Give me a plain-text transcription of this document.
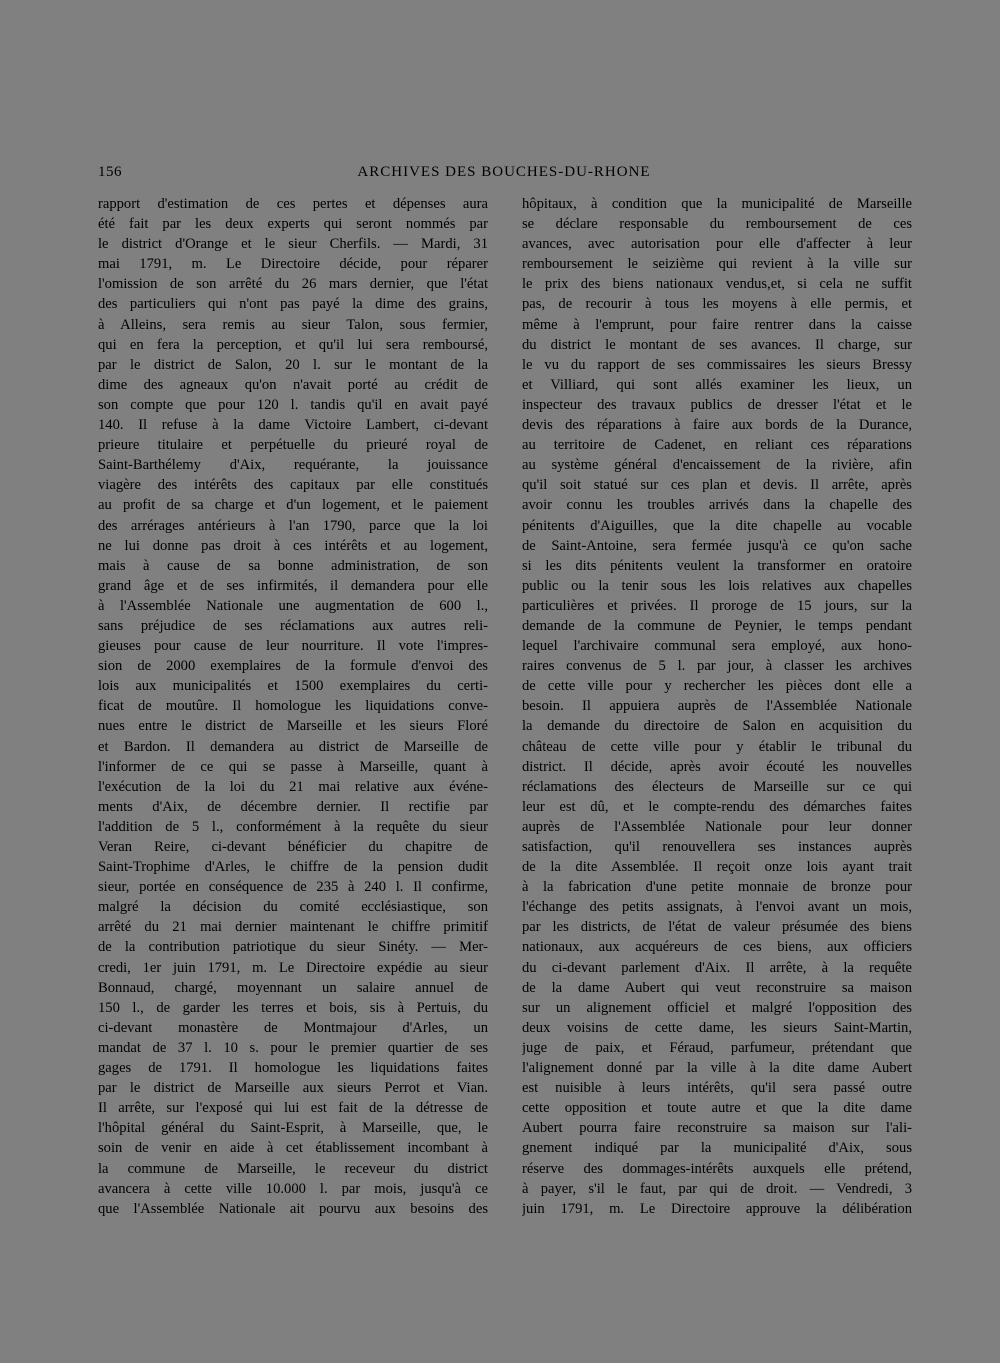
156	ARCHIVES DES BOUCHES-DU-RHONE
rapport d'estimation de ces pertes et dépenses aura
été fait par les deux experts qui seront nommés par
le district d'Orange et le sieur Cherfils. — Mardi, 31
mai 1791, m. Le Directoire décide, pour réparer
l'omission de son arrêté du 26 mars dernier, que l'état
des particuliers qui n'ont pas payé la dime des grains,
à Alleins, sera remis au sieur Talon, sous fermier,
qui en fera la perception, et qu'il lui sera remboursé,
par le district de Salon, 20 l. sur le montant de la
dime des agneaux qu'on n'avait porté au crédit de
son compte que pour 120 l. tandis qu'il en avait payé
140. Il refuse à la dame Victoire Lambert, ci-devant
prieure titulaire et perpétuelle du prieuré royal de
Saint-Barthélemy d'Aix, requérante, la jouissance
viagère des intérêts des capitaux par elle constitués
au profit de sa charge et d'un logement, et le paiement
des arrérages antérieurs à l'an 1790, parce que la loi
ne lui donne pas droit à ces intérêts et au logement,
mais à cause de sa bonne administration, de son
grand âge et de ses infirmités, il demandera pour elle
à l'Assemblée Nationale une augmentation de 600 l.,
sans préjudice de ses réclamations aux autres reli-
gieuses pour cause de leur nourriture. Il vote l'impres-
sion de 2000 exemplaires de la formule d'envoi des
lois aux municipalités et 1500 exemplaires du certi-
ficat de moutûre. Il homologue les liquidations conve-
nues entre le district de Marseille et les sieurs Floré
et Bardon. Il demandera au district de Marseille de
l'informer de ce qui se passe à Marseille, quant à
l'exécution de la loi du 21 mai relative aux événe-
ments d'Aix, de décembre dernier. Il rectifie par
l'addition de 5 l., conformément à la requête du sieur
Veran Reire, ci-devant bénéficier du chapitre de
Saint-Trophime d'Arles, le chiffre de la pension dudit
sieur, portée en conséquence de 235 à 240 l. Il confirme,
malgré la décision du comité ecclésiastique, son
arrêté du 21 mai dernier maintenant le chiffre primitif
de la contribution patriotique du sieur Sinéty. — Mer-
credi, 1er juin 1791, m. Le Directoire expédie au sieur
Bonnaud, chargé, moyennant un salaire annuel de
150 l., de garder les terres et bois, sis à Pertuis, du
ci-devant monastère de Montmajour d'Arles, un
mandat de 37 l. 10 s. pour le premier quartier de ses
gages de 1791. Il homologue les liquidations faites
par le district de Marseille aux sieurs Perrot et Vian.
Il arrête, sur l'exposé qui lui est fait de la détresse de
l'hôpital général du Saint-Esprit, à Marseille, que, le
soin de venir en aide à cet établissement incombant à
la commune de Marseille, le receveur du district
avancera à cette ville 10.000 l. par mois, jusqu'à ce
que l'Assemblée Nationale ait pourvu aux besoins des
hôpitaux, à condition que la municipalité de Marseille
se déclare responsable du remboursement de ces
avances, avec autorisation pour elle d'affecter à leur
remboursement le seizième qui revient à la ville sur
le prix des biens nationaux vendus,et, si cela ne suffit
pas, de recourir à tous les moyens à elle permis, et
même à l'emprunt, pour faire rentrer dans la caisse
du district le montant de ses avances. Il charge, sur
le vu du rapport de ses commissaires les sieurs Bressy
et Villiard, qui sont allés examiner les lieux, un
inspecteur des travaux publics de dresser l'état et le
devis des réparations à faire aux bords de la Durance,
au territoire de Cadenet, en reliant ces réparations
au système général d'encaissement de la rivière, afin
qu'il soit statué sur ces plan et devis. Il arrête, après
avoir connu les troubles arrivés dans la chapelle des
pénitents d'Aiguilles, que la dite chapelle au vocable
de Saint-Antoine, sera fermée jusqu'à ce qu'on sache
si les dits pénitents veulent la transformer en oratoire
public ou la tenir sous les lois relatives aux chapelles
particulières et privées. Il proroge de 15 jours, sur la
demande de la commune de Peynier, le temps pendant
lequel l'archivaire communal sera employé, aux hono-
raires convenus de 5 l. par jour, à classer les archives
de cette ville pour y rechercher les pièces dont elle a
besoin. Il appuiera auprès de l'Assemblée Nationale
la demande du directoire de Salon en acquisition du
château de cette ville pour y établir le tribunal du
district. Il décide, après avoir écouté les nouvelles
réclamations des électeurs de Marseille sur ce qui
leur est dû, et le compte-rendu des démarches faites
auprès de l'Assemblée Nationale pour leur donner
satisfaction, qu'il renouvellera ses instances auprès
de la dite Assemblée. Il reçoit onze lois ayant trait
à la fabrication d'une petite monnaie de bronze pour
l'échange des petits assignats, à l'envoi avant un mois,
par les districts, de l'état de valeur présumée des biens
nationaux, aux acquéreurs de ces biens, aux officiers
du ci-devant parlement d'Aix. Il arrête, à la requête
de la dame Aubert qui veut reconstruire sa maison
sur un alignement officiel et malgré l'opposition des
deux voisins de cette dame, les sieurs Saint-Martin,
juge de paix, et Féraud, parfumeur, prétendant que
l'alignement donné par la ville à la dite dame Aubert
est nuisible à leurs intérêts, qu'il sera passé outre
cette opposition et toute autre et que la dite dame
Aubert pourra faire reconstruire sa maison sur l'ali-
gnement indiqué par la municipalité d'Aix, sous
réserve des dommages-intérêts auxquels elle prétend,
à payer, s'il le faut, par qui de droit. — Vendredi, 3
juin 1791, m. Le Directoire approuve la délibération
